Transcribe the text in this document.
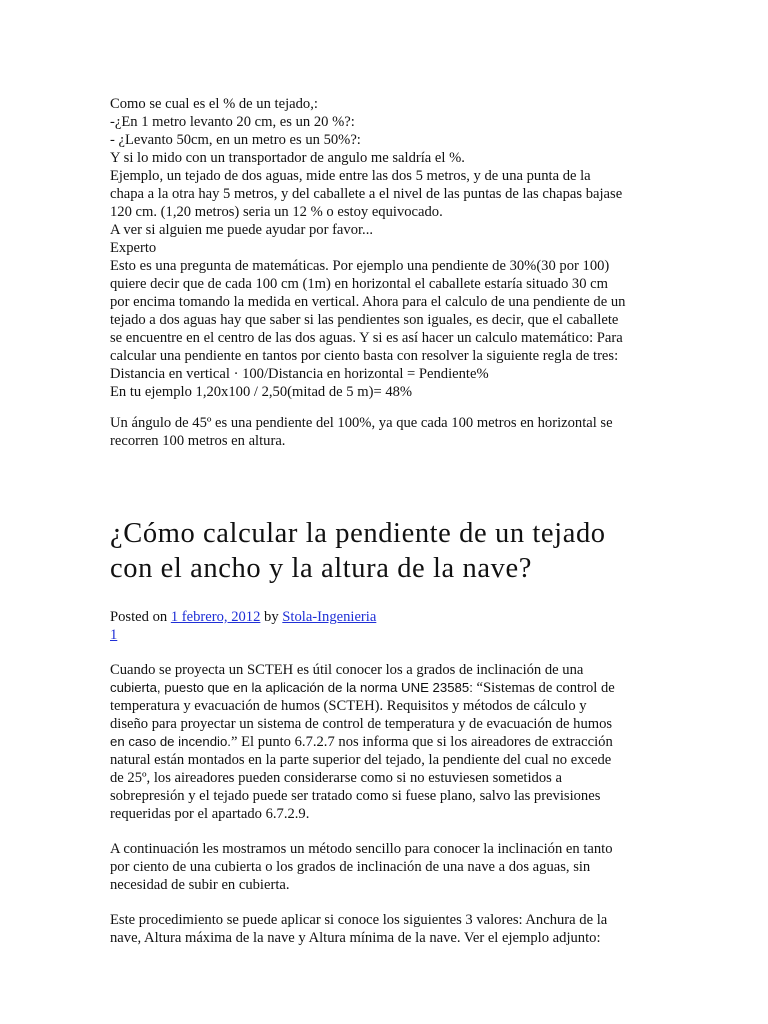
Como se cual es el % de un tejado,:
-¿En 1 metro levanto 20 cm, es un 20 %?:
- ¿Levanto 50cm, en un metro es un 50%?:
Y si lo mido con un transportador de angulo me saldría el %.
Ejemplo, un tejado de dos aguas, mide entre las dos 5 metros, y de una punta de la
chapa a la otra hay 5 metros, y del caballete a el nivel de las puntas de las chapas bajase
120 cm. (1,20 metros) seria un 12 % o estoy equivocado.
A ver si alguien me puede ayudar por favor...
Experto
Esto es una pregunta de matemáticas. Por ejemplo una pendiente de 30%(30 por 100)
quiere decir que de cada 100 cm (1m) en horizontal el caballete estaría situado 30 cm
por encima tomando la medida en vertical. Ahora para el calculo de una pendiente de un
tejado a dos aguas hay que saber si las pendientes son iguales, es decir, que el caballete
se encuentre en el centro de las dos aguas. Y si es así hacer un calculo matemático: Para
calcular una pendiente en tantos por ciento basta con resolver la siguiente regla de tres:
Distancia en vertical · 100/Distancia en horizontal = Pendiente%
En tu ejemplo 1,20x100 / 2,50(mitad de 5 m)= 48%
Un ángulo de 45º es una pendiente del 100%, ya que cada 100 metros en horizontal se
recorren 100 metros en altura.
¿Cómo calcular la pendiente de un tejado
con el ancho y la altura de la nave?
Posted on 1 febrero, 2012 by Stola-Ingenieria
1
Cuando se proyecta un SCTEH es útil conocer los a grados de inclinación de una
cubierta, puesto que en la aplicación de la norma UNE 23585: “Sistemas de control de
temperatura y evacuación de humos (SCTEH). Requisitos y métodos de cálculo y
diseño para proyectar un sistema de control de temperatura y de evacuación de humos
en caso de incendio.” El punto 6.7.2.7 nos informa que si los aireadores de extracción
natural están montados en la parte superior del tejado, la pendiente del cual no excede
de 25º, los aireadores pueden considerarse como si no estuviesen sometidos a
sobrepresión y el tejado puede ser tratado como si fuese plano, salvo las previsiones
requeridas por el apartado 6.7.2.9.
A continuación les mostramos un método sencillo para conocer la inclinación en tanto
por ciento de una cubierta o los grados de inclinación de una nave a dos aguas, sin
necesidad de subir en cubierta.
Este procedimiento se puede aplicar si conoce los siguientes 3 valores: Anchura de la
nave, Altura máxima de la nave y Altura mínima de la nave. Ver el ejemplo adjunto:
